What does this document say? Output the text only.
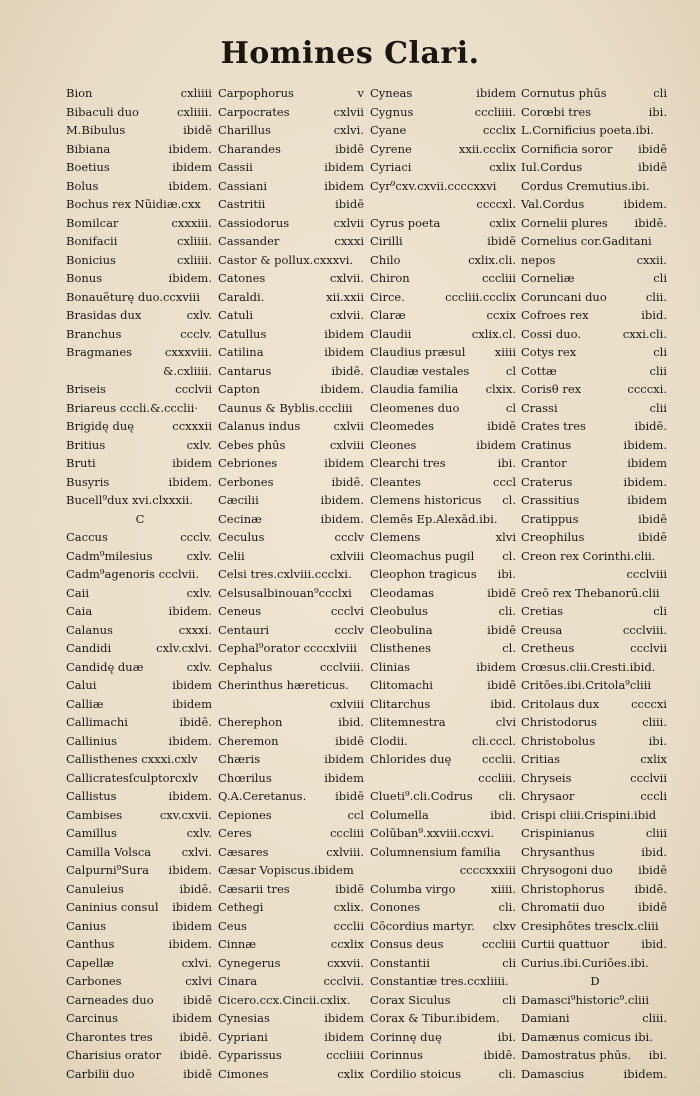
Homines Clari.
Bion	cxliiii
Bibaculi duo	cxliiii.
M.Bibulus	ibidē
Bibiana	ibidem.
Boetius	ibidem
Bolus	ibidem.
Bochus rex Nũidiæ.cxx
Bomilcar	cxxxiii.
Bonifacii	cxliiii.
Bonicius	cxliiii.
Bonus	ibidem.
Bonauẽturę duo.ccxviii
Brasidas dux	cxlv.
Branchus	ccclv.
Bragmanes	cxxxviii.
&.cxliiii.
Briseis	ccclvii
Briareus cccli.&.ccclii·
Brigidę duę	ccxxxii
Britius	cxlv.
Bruti	ibidem
Busyris	ibidem.
Bucell⁹dux xvi.clxxxii.
C
Caccus	ccclv.
Cadm⁹milesius	cxlv.
Cadm⁹agenoris ccclvii.
Caii	cxlv.
Caia	ibidem.
Calanus	cxxxi.
Candidi	cxlv.cxlvi.
Candidę duæ	cxlv.
Calui	ibidem
Calliæ	ibidem
Callimachi	ibidē.
Callinius	ibidem.
Callisthenes cxxxi.cxlv
Callicratesſculptorcxlv
Callistus	ibidem.
Cambises	cxv.cxvii.
Camillus	cxlv.
Camilla Volsca	cxlvi.
Calpurni⁹Sura ibidem.
Canuleius	ibidē.
Caninius consul ibidem
Canius	ibidem
Canthus	ibidem.
Capellæ	cxlvi.
Carbones	cxlvi
Carneades duo	ibidē
Carcinus	ibidem
Charontes tres ibidē.
Charisius orator ibidē.
Carbilii duo	ibidē
Carpophorus	v
Carpocrates	cxlvii
Charillus	cxlvi.
Charandes	ibidē
Cassii	ibidem
Cassiani	ibidem
Castritii	ibidē
Cassiodorus	cxlvii
Cassander	cxxxi
Castor & pollux.cxxxvi.
Catones	cxlvii.
Caraldi.	xii.xxii
Catuli	cxlvii.
Catullus	ibidem
Catilina	ibidem
Cantarus	ibidē.
Capton	ibidem.
Caunus & Byblis.cccliii
Calanus indus	cxlvii
Cebes phūs	cxlviii
Cebriones	ibidem
Cerbones	ibidē.
Cæcilii	ibidem.
Cecinæ	ibidem.
Ceculus	ccclv
Celii	cxlviii
Celsi tres.cxlviii.ccclxi.
Celsusalbinouan⁹ccclxi
Ceneus	ccclvi
Centauri	ccclv
Cephal⁹orator ccccxlviii
Cephalus	ccclviii.
Cherinthus hæreticus.
cxlviii
Cherephon	ibid.
Cheremon	ibidē
Chæris	ibidem
Chœrilus	ibidem
Q.A.Ceretanus.	ibidē
Cepiones	ccl
Ceres	cccliii
Cæsares	cxlviii.
Cæsar Vopiscus.ibidem
Cæsarii tres	ibidē
Cethegi	cxlix.
Ceus	ccclii
Cinnæ	ccxlix
Cynegerus	cxxvii.
Cinara	ccclvii.
Cicero.ccx.Cincii.cxlix.
Cynesias	ibidem
Cypriani	ibidem
Cyparissus	cccliiii
Cimones	cxlix
Cyneas	ibidem
Cygnus	cccliiii.
Cyane	ccclix
Cyrene	xxii.ccclix
Cyriaci	cxlix
Cyr⁹cxv.cxvii.ccccxxvi
ccccxl.
Cyrus poeta	cxlix
Cirilli	ibidē
Chilo	cxlix.cli.
Chiron	cccliii
Circe.	cccliii.ccclix
Claræ	ccxix
Claudii	cxlix.cl.
Claudius præsul	xiiii
Claudiæ vestales	cl
Claudia familia clxix.
Cleomenes duo	cl
Cleomedes	ibidē
Cleones	ibidem
Clearchi tres	ibi.
Cleantes	cccl
Clemens historicus cl.
Clemēs Ep.Alexād.ibi.
Clemens	xlvi
Cleomachus pugil cl.
Cleophon tragicus ibi.
Cleodamas	ibidē
Cleobulus	cli.
Cleobulina	ibidē
Clisthenes	cl.
Clinias	ibidem
Clitomachi	ibidē
Clitarchus	ibid.
Clitemnestra	clvi
Clodii.	cli.cccl.
Chlorides duę	ccclii.
cccliii.
Clueti⁹.cli.Codrus cli.
Columella	ibid.
Colūban⁹.xxviii.ccxvi.
Columnensium familia
ccccxxxiii
Columba virgo	xiiii.
Conones	cli.
Cōcordius martyr. clxv
Consus deus	cccliii
Constantii	cli
Constantiæ tres.ccxliiii.
Corax Siculus	cli
Corax & Tibur.ibidem.
Corinnę duę	ibi.
Corinnus	ibidē.
Cordilio stoicus	cli.
Cornutus phūs	cli
Corœbi tres	ibi.
L.Cornificius poeta.ibi.
Cornificia soror ibidē
Iul.Cordus	ibidē
Cordus Cremutius.ibi.
Val.Cordus	ibidem.
Cornelii plures ibidē.
Cornelius cor.Gaditani
nepos	cxxii.
Corneliæ	cli
Coruncani duo	clii.
Cofroes rex	ibid.
Cossi duo.	cxxi.cli.
Cotys rex	cli
Cottæ	clii
Corisθ rex	ccccxi.
Crassi	clii
Crates tres	ibidē.
Cratinus	ibidem.
Crantor	ibidem
Craterus	ibidem.
Crassitius	ibidem
Cratippus	ibidē
Creophilus	ibidē
Creon rex Corinthi.clii.
ccclviii
Creō rex Thebanorū.clii
Cretias	cli
Creusa	ccclviii.
Cretheus	ccclvii
Crœsus.clii.Cresti.ibid.
Critōes.ibi.Critola⁹cliii
Critolaus dux	ccccxi
Christodorus	cliii.
Christobolus	ibi.
Critias	cxlix
Chryseis	ccclvii
Chrysaor	cccli
Crispi cliii.Crispini.ibid
Crispinianus	cliii
Chrysanthus	ibid.
Chrysogoni duo ibidē
Christophorus	ibidē.
Chromatii duo	ibidē
Cresiphōtes tresclx.cliii
Curtii quattuor	ibid.
Curius.ibi.Curiōes.ibi.
D
Damasci⁹historic⁹.cliii
Damiani	cliii.
Damænus comicus ibi.
Damostratus phūs. ibi.
Damascius	ibidem.
